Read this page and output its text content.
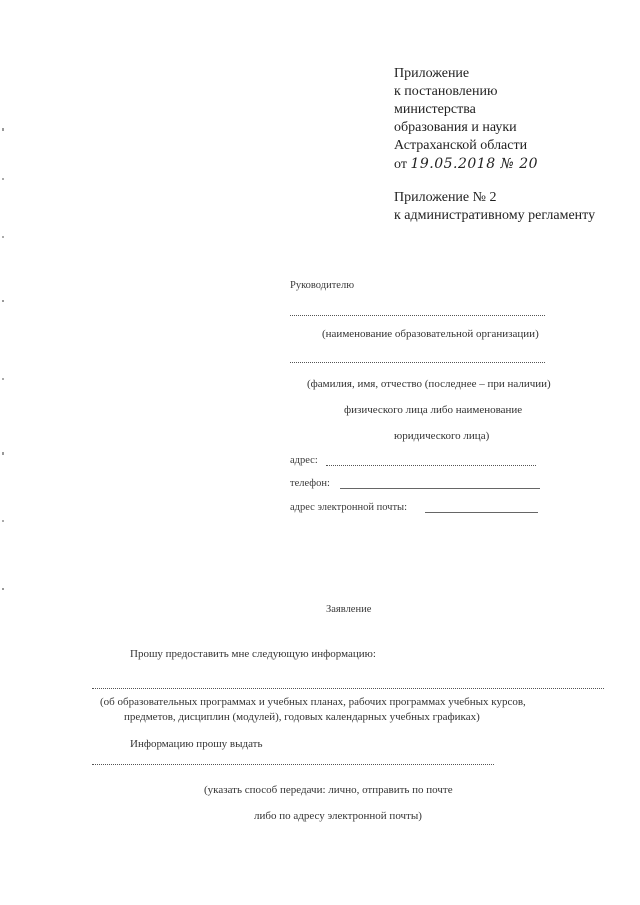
Приложение
к постановлению
министерства
образования и науки
Астраханской области
от 19.05.2018 № 20
Приложение № 2
к административному регламенту
Руководителю
(наименование образовательной организации)
(фамилия, имя, отчество (последнее – при наличии)
физического лица либо наименование
юридического лица)
адрес:
телефон:
адрес электронной почты:
Заявление
Прошу предоставить мне следующую информацию:
(об образовательных программах и учебных планах, рабочих программах учебных курсов,
предметов, дисциплин (модулей), годовых календарных учебных графиках)
Информацию прошу выдать
(указать способ передачи: лично, отправить по почте
либо по адресу электронной почты)
